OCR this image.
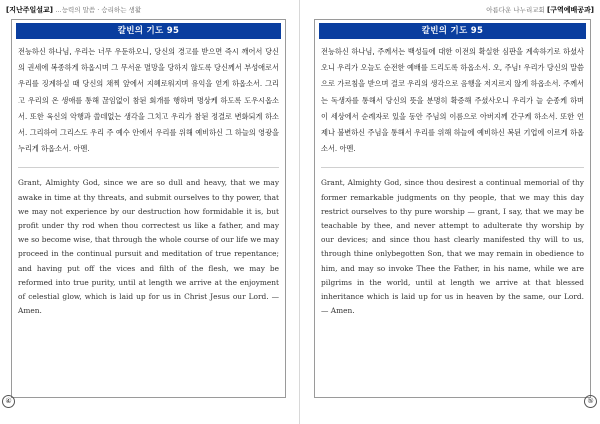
[지난주일설교] …능력의 말씀 · 승리하는 생활
칼빈의 기도 95
전능하신 하나님, 우리는 너무 우둔하오니, 당신의 경고를 받으면 즉시 깨어서 당신의 권세에 복종하게 하옵시며 그 무서운 멸망을 당하지 않도록 당신께서 부성애로서 우리를 징계하실 때 당신의 채찍 앞에서 지혜로워지며 유익을 얻게 하옵소서. 그리고 우리의 온 생애를 통해 끊임없이 참된 회개를 행하며 명상케 하도록 도우시옵소서. 또한 육신의 악행과 쓸데없는 생각을 그치고 우리가 참된 정결로 변화되게 하소서. 그리하여 그리스도 우리 주 예수 안에서 우리를 위해 예비하신 그 하늘의 영광을 누리게 하옵소서. 아멘.
Grant, Almighty God, since we are so dull and heavy, that we may awake in time at thy threats, and submit ourselves to thy power, that we may not experience by our destruction how formidable it is, but profit under thy rod when thou correctest us like a father, and may we so become wise, that through the whole course of our life we may proceed in the continual pursuit and meditation of true repentance; and having put off the vices and filth of the flesh, we may be reformed into true purity, until at length we arrive at the enjoyment of celestial glow, which is laid up for us in Christ Jesus our Lord. — Amen.
④
아름다운 나누리교회 [구역예배공과]
칼빈의 기도 95
전능하신 하나님, 주께서는 백성들에 대한 이전의 확실한 심판을 계속하기로 하셨사오니 우리가 오늘도 순전한 예배를 드리도록 하옵소서. 오, 주님! 우리가 당신의 말씀으로 가르침을 받으며 결코 우리의 생각으로 음행을 저지르지 않게 하옵소서. 주께서는 독생자를 통해서 당신의 뜻을 분명히 확증해 주셨사오니 우리가 늘 순종케 하며 이 세상에서 순례자로 있을 동안 주님의 이름으로 아버지께 간구케 하소서. 또한 언제나 불변하신 주님을 통해서 우리를 위해 하늘에 예비하신 복된 기업에 이르게 하옵소서. 아멘.
Grant, Almighty God, since thou desirest a continual memorial of thy former remarkable judgments on thy people, that we may this day restrict ourselves to thy pure worship — grant, I say, that we may be teachable by thee, and never attempt to adulterate thy worship by our devices; and since thou hast clearly manifested thy will to us, through thine onlybegotten Son, that we may remain in obedience to him, and may so invoke Thee the Father, in his name, while we are pilgrims in the world, until at length we arrive at that blessed inheritance which is laid up for us in heaven by the same, our Lord. — Amen.
⑤
